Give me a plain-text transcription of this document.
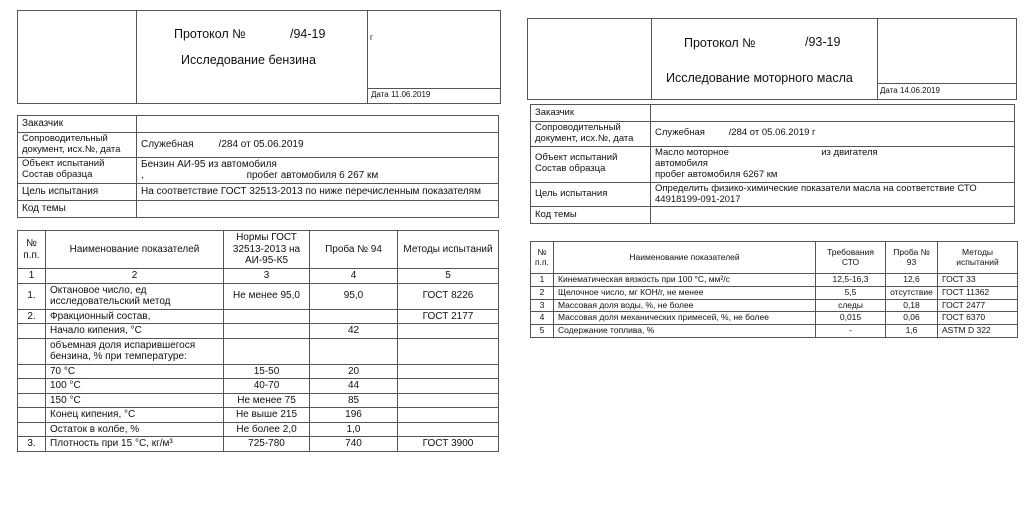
Протокол №	/94-19
Исследование бензина
г
Дата 11.06.2019
Заказчик	
Сопроводительный документ, исх.№, дата	Служебная         /284 от 05.06.2019
Объект испытаний Состав образца	Бензин АИ-95 из автомобиля
,                                     пробег автомобиля 6 267 км
Цель испытания	На соответствие ГОСТ 32513-2013 по ниже перечисленным показателям
Код темы	
№ п.п.	Наименование показателей	Нормы ГОСТ 32513-2013 на АИ-95-К5	Проба № 94	Методы испытаний
1	2	3	4	5
1.	Октановое число, ед исследовательский метод	Не менее 95,0	95,0	ГОСТ 8226
2.	Фракционный состав,			ГОСТ 2177
	Начало кипения, °С		42	
	объемная доля испарившегося бензина, % при температуре:			
	70 °С	15-50	20	
	100 °С	40-70	44	
	150 °С	Не менее 75	85	
	Конец кипения, °С	Не выше 215	196	
	Остаток в колбе, %	Не более 2,0	1,0	
3.	Плотность при 15 °С, кг/м³	725-780	740	ГОСТ 3900
Протокол №	/93-19
Исследование моторного масла
Дата 14.06.2019
Заказчик	
Сопроводительный документ, исх.№, дата	Служебная         /284 от 05.06.2019 г
Объект испытаний Состав образца	Масло моторное                                   из двигателя
автомобиля
пробег автомобиля 6267 км
Цель испытания	Определить физико-химические показатели масла на соответствие СТО 44918199-091-2017
Код темы	
№ п.п.	Наименование показателей	Требования СТО	Проба № 93	Методы испытаний
1	Кинематическая вязкость при 100 °С, мм²/с	12,5-16,3	12,6	ГОСТ 33
2	Щелочное число, мг КОН/г, не менее	5,5	отсутствие	ГОСТ 11362
3	Массовая доля воды, %, не более	следы	0,18	ГОСТ 2477
4	Массовая доля механических примесей, %, не более	0,015	0,06	ГОСТ 6370
5	Содержание топлива, %	-	1,6	ASTM D 322
